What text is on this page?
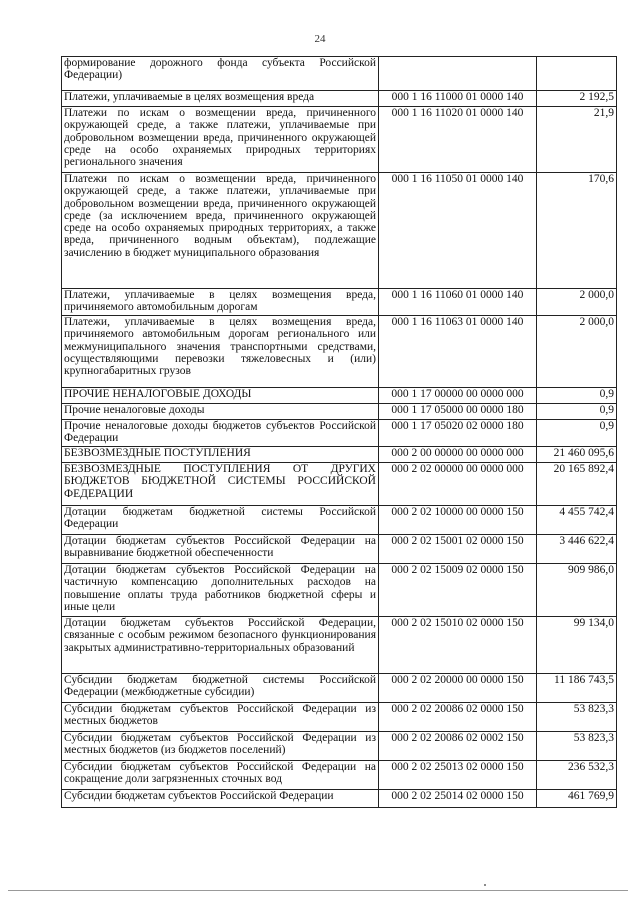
24
формирование дорожного фонда субъекта Российской Федерации)		
Платежи, уплачиваемые в целях возмещения вреда	000 1 16 11000 01 0000 140	2 192,5
Платежи по искам о возмещении вреда, причиненного окружающей среде, а также платежи, уплачиваемые при добровольном возмещении вреда, причиненного окружающей среде на особо охраняемых природных территориях регионального значения	000 1 16 11020 01 0000 140	21,9
Платежи по искам о возмещении вреда, причиненного окружающей среде, а также платежи, уплачиваемые при добровольном возмещении вреда, причиненного окружающей среде (за исключением вреда, причиненного окружающей среде на особо охраняемых природных территориях, а также вреда, причиненного водным объектам), подлежащие зачислению в бюджет муниципального образования	000 1 16 11050 01 0000 140	170,6
Платежи, уплачиваемые в целях возмещения вреда, причиняемого автомобильным дорогам	000 1 16 11060 01 0000 140	2 000,0
Платежи, уплачиваемые в целях возмещения вреда, причиняемого автомобильным дорогам регионального или межмуниципального значения транспортными средствами, осуществляющими перевозки тяжеловесных и (или) крупногабаритных грузов	000 1 16 11063 01 0000 140	2 000,0
ПРОЧИЕ НЕНАЛОГОВЫЕ ДОХОДЫ	000 1 17 00000 00 0000 000	0,9
Прочие неналоговые доходы	000 1 17 05000 00 0000 180	0,9
Прочие неналоговые доходы бюджетов субъектов Российской Федерации	000 1 17 05020 02 0000 180	0,9
БЕЗВОЗМЕЗДНЫЕ ПОСТУПЛЕНИЯ	000 2 00 00000 00 0000 000	21 460 095,6
БЕЗВОЗМЕЗДНЫЕ ПОСТУПЛЕНИЯ ОТ ДРУГИХ БЮДЖЕТОВ БЮДЖЕТНОЙ СИСТЕМЫ РОССИЙСКОЙ ФЕДЕРАЦИИ	000 2 02 00000 00 0000 000	20 165 892,4
Дотации бюджетам бюджетной системы Российской Федерации	000 2 02 10000 00 0000 150	4 455 742,4
Дотации бюджетам субъектов Российской Федерации на выравнивание бюджетной обеспеченности	000 2 02 15001 02 0000 150	3 446 622,4
Дотации бюджетам субъектов Российской Федерации на частичную компенсацию дополнительных расходов на повышение оплаты труда работников бюджетной сферы и иные цели	000 2 02 15009 02 0000 150	909 986,0
Дотации бюджетам субъектов Российской Федерации, связанные с особым режимом безопасного функционирования закрытых административно-территориальных образований	000 2 02 15010 02 0000 150	99 134,0
Субсидии бюджетам бюджетной системы Российской Федерации (межбюджетные субсидии)	000 2 02 20000 00 0000 150	11 186 743,5
Субсидии бюджетам субъектов Российской Федерации из местных бюджетов	000 2 02 20086 02 0000 150	53 823,3
Субсидии бюджетам субъектов Российской Федерации из местных бюджетов (из бюджетов поселений)	000 2 02 20086 02 0002 150	53 823,3
Субсидии бюджетам субъектов Российской Федерации на сокращение доли загрязненных сточных вод	000 2 02 25013 02 0000 150	236 532,3
Субсидии бюджетам субъектов Российской Федерации	000 2 02 25014 02 0000 150	461 769,9
